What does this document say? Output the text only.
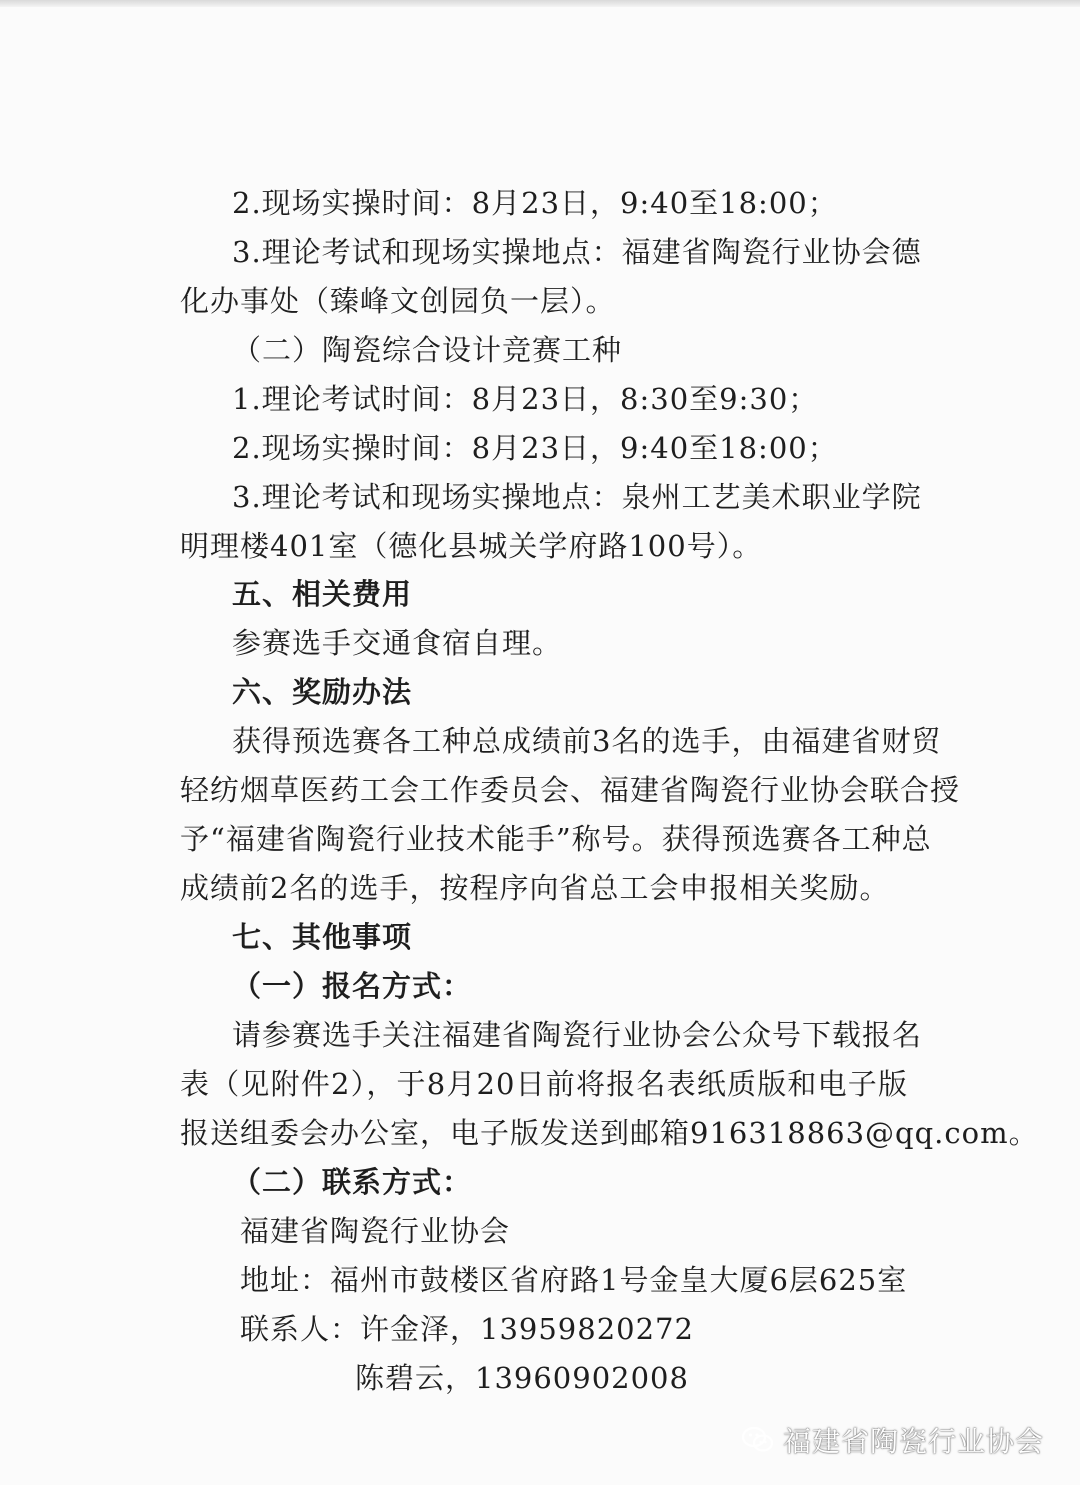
2.现场实操时间：8月23日，9:40至18:00；
3.理论考试和现场实操地点：福建省陶瓷行业协会德
化办事处（臻峰文创园负一层）。
（二）陶瓷综合设计竞赛工种
1.理论考试时间：8月23日，8:30至9:30；
2.现场实操时间：8月23日，9:40至18:00；
3.理论考试和现场实操地点：泉州工艺美术职业学院
明理楼401室（德化县城关学府路100号）。
五、相关费用
参赛选手交通食宿自理。
六、奖励办法
获得预选赛各工种总成绩前3名的选手，由福建省财贸
轻纺烟草医药工会工作委员会、福建省陶瓷行业协会联合授
予“福建省陶瓷行业技术能手”称号。获得预选赛各工种总
成绩前2名的选手，按程序向省总工会申报相关奖励。
七、其他事项
（一）报名方式：
请参赛选手关注福建省陶瓷行业协会公众号下载报名
表（见附件2），于8月20日前将报名表纸质版和电子版
报送组委会办公室，电子版发送到邮箱916318863@qq.com。
（二）联系方式：
福建省陶瓷行业协会
地址：福州市鼓楼区省府路1号金皇大厦6层625室
联系人：许金泽，13959820272
陈碧云，13960902008
福建省陶瓷行业协会
